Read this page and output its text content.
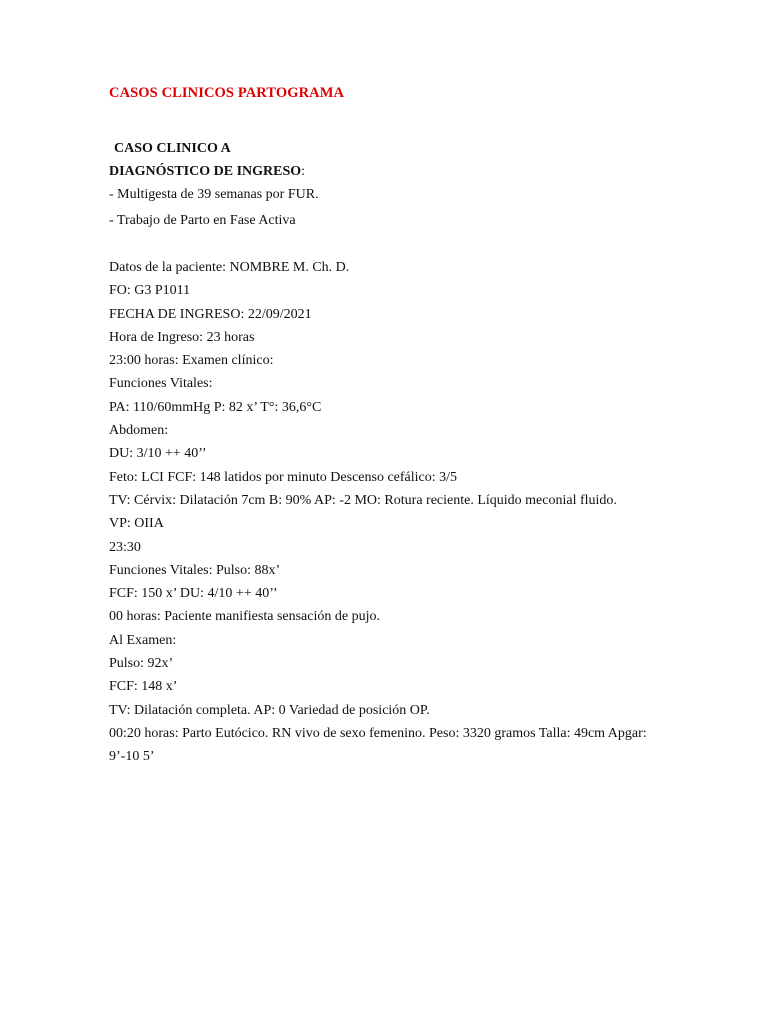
CASOS CLINICOS PARTOGRAMA
CASO CLINICO A
DIAGNÓSTICO DE INGRESO:
- Multigesta de 39 semanas por FUR.
- Trabajo de Parto en Fase Activa
Datos de la paciente: NOMBRE M. Ch. D.
FO: G3 P1011
FECHA DE INGRESO: 22/09/2021
Hora de Ingreso: 23 horas
23:00 horas: Examen clínico:
Funciones Vitales:
PA: 110/60mmHg P: 82 x’ T°: 36,6°C
Abdomen:
DU: 3/10 ++ 40’’
Feto: LCI FCF: 148 latidos por minuto Descenso cefálico: 3/5
TV: Cérvix: Dilatación 7cm B: 90% AP: -2 MO: Rotura reciente. Líquido meconial fluido.
VP: OIIA
23:30
Funciones Vitales: Pulso: 88x’
FCF: 150 x’ DU: 4/10 ++ 40’’
00 horas: Paciente manifiesta sensación de pujo.
Al Examen:
Pulso: 92x’
FCF: 148 x’
TV: Dilatación completa. AP: 0 Variedad de posición OP.
00:20 horas: Parto Eutócico. RN vivo de sexo femenino. Peso: 3320 gramos Talla: 49cm Apgar:
9’-10 5’
